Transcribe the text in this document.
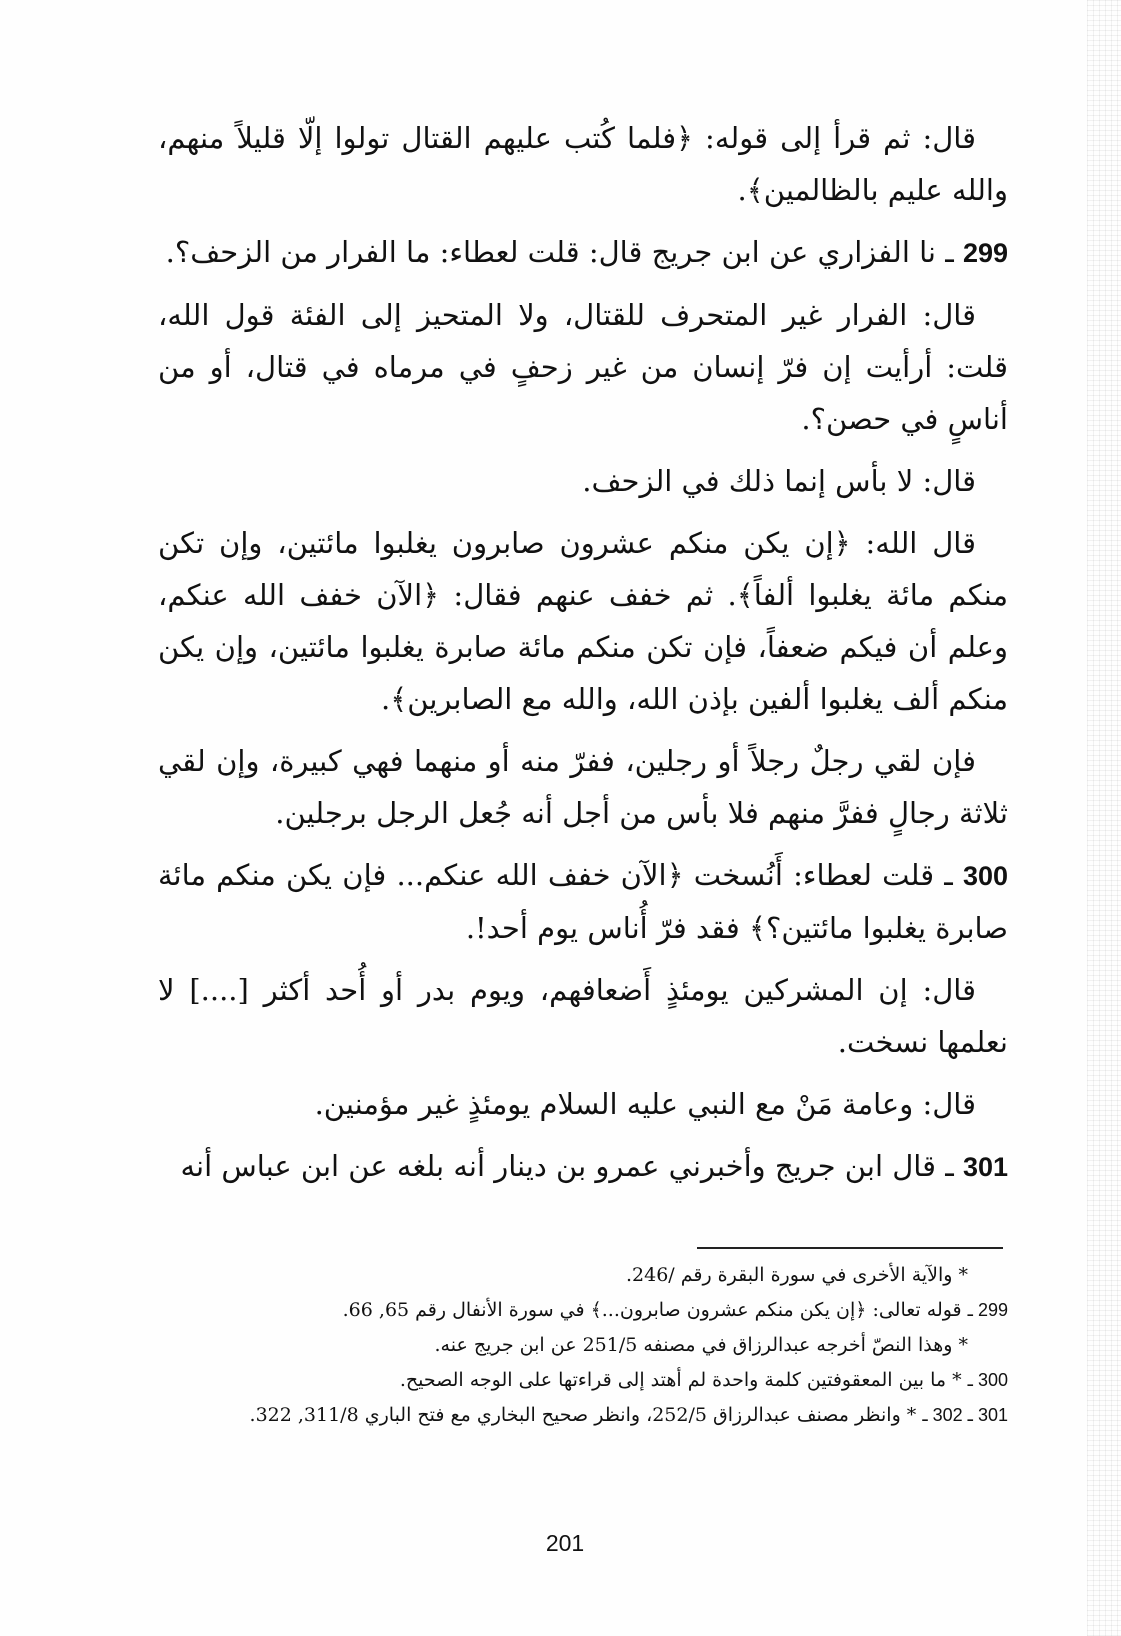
قال: ثم قرأ إلى قوله: ﴿فلما كُتب عليهم القتال تولوا إلّا قليلاً منهم، والله عليم بالظالمين﴾.

299 ـ نا الفزاري عن ابن جريج قال: قلت لعطاء: ما الفرار من الزحف؟.

قال: الفرار غير المتحرف للقتال، ولا المتحيز إلى الفئة قول الله، قلت: أرأيت إن فرّ إنسان من غير زحفٍ في مرماه في قتال، أو من أناسٍ في حصن؟.

قال: لا بأس إنما ذلك في الزحف.

قال الله: ﴿إن يكن منكم عشرون صابرون يغلبوا مائتين، وإن تكن منكم مائة يغلبوا ألفاً﴾. ثم خفف عنهم فقال: ﴿الآن خفف الله عنكم، وعلم أن فيكم ضعفاً، فإن تكن منكم مائة صابرة يغلبوا مائتين، وإن يكن منكم ألف يغلبوا ألفين بإذن الله، والله مع الصابرين﴾.

فإن لقي رجلٌ رجلاً أو رجلين، ففرّ منه أو منهما فهي كبيرة، وإن لقي ثلاثة رجالٍ ففرَّ منهم فلا بأس من أجل أنه جُعل الرجل برجلين.

300 ـ قلت لعطاء: أَنُسخت ﴿الآن خفف الله عنكم... فإن يكن منكم مائة صابرة يغلبوا مائتين؟﴾ فقد فرّ أُناس يوم أحد!.

قال: إن المشركين يومئذٍ أَضعافهم، ويوم بدر أو أُحد أكثر [....] لا نعلمها نسخت.

قال: وعامة مَنْ مع النبي عليه السلام يومئذٍ غير مؤمنين.

301 ـ قال ابن جريج وأخبرني عمرو بن دينار أنه بلغه عن ابن عباس أنه

* والآية الأخرى في سورة البقرة رقم /246.

299 ـ قوله تعالى: ﴿إن يكن منكم عشرون صابرون...﴾ في سورة الأنفال رقم 65, 66.

* وهذا النصّ أخرجه عبدالرزاق في مصنفه 251/5 عن ابن جريج عنه.

300 ـ * ما بين المعقوفتين كلمة واحدة لم أهتد إلى قراءتها على الوجه الصحيح.

301 ـ 302 ـ * وانظر مصنف عبدالرزاق 252/5، وانظر صحيح البخاري مع فتح الباري 311/8, 322.

201
